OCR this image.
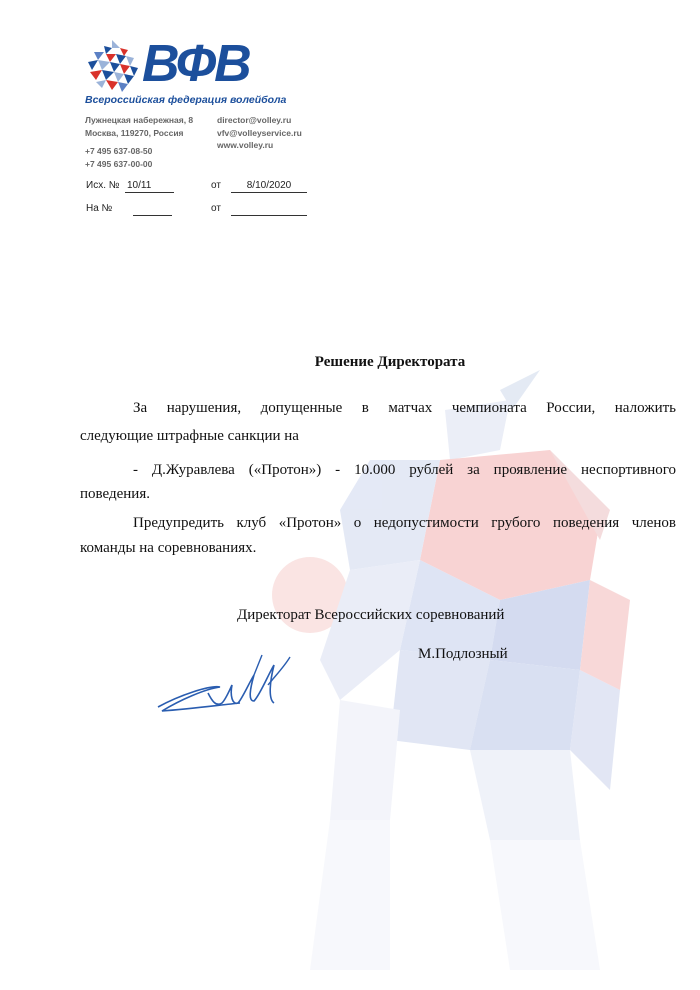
ВФВ
Всероссийская федерация волейбола
Лужнецкая набережная, 8
Москва, 119270, Россия
+7 495 637-08-50
+7 495 637-00-00
director@volley.ru
vfv@volleyservice.ru
www.volley.ru
Исх. № 10/11	от	8/10/2020
На №	от
Решение Директората
За нарушения, допущенные в матчах чемпионата России, наложить
следующие штрафные санкции на
- Д.Журавлева («Протон») - 10.000 рублей за проявление неспортивного
поведения.
Предупредить клуб «Протон» о недопустимости грубого поведения членов
команды на соревнованиях.
Директорат Всероссийских соревнований
М.Подлозный
